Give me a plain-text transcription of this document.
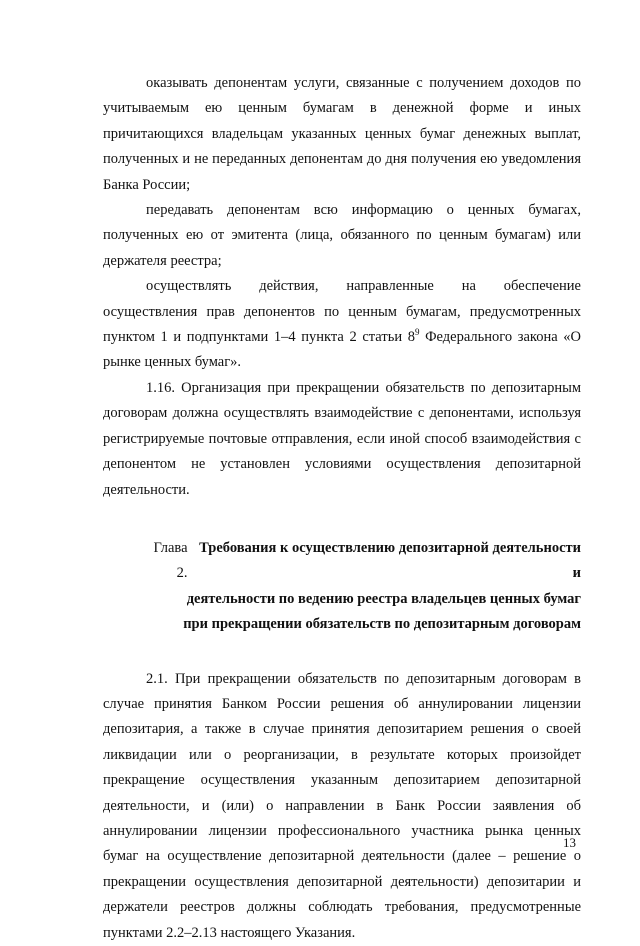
оказывать депонентам услуги, связанные с получением доходов по учитываемым ею ценным бумагам в денежной форме и иных причитающихся владельцам указанных ценных бумаг денежных выплат, полученных и не переданных депонентам до дня получения ею уведомления Банка России;

передавать депонентам всю информацию о ценных бумагах, полученных ею от эмитента (лица, обязанного по ценным бумагам) или держателя реестра;

осуществлять действия, направленные на обеспечение осуществления прав депонентов по ценным бумагам, предусмотренных пунктом 1 и подпунктами 1–4 пункта 2 статьи $8^9$ Федерального закона «О рынке ценных бумаг».

1.16. Организация при прекращении обязательств по депозитарным договорам должна осуществлять взаимодействие с депонентами, используя регистрируемые почтовые отправления, если иной способ взаимодействия с депонентом не установлен условиями осуществления депозитарной деятельности.

Глава 2.
Требования к осуществлению депозитарной деятельности и
деятельности по ведению реестра владельцев ценных бумаг
при прекращении обязательств по депозитарным договорам

2.1. При прекращении обязательств по депозитарным договорам в случае принятия Банком России решения об аннулировании лицензии депозитария, а также в случае принятия депозитарием решения о своей ликвидации или о реорганизации, в результате которых произойдет прекращение осуществления указанным депозитарием депозитарной деятельности, и (или) о направлении в Банк России заявления об аннулировании лицензии профессионального участника рынка ценных бумаг на осуществление депозитарной деятельности (далее – решение о прекращении осуществления депозитарной деятельности) депозитарии и держатели реестров должны соблюдать требования, предусмотренные пунктами 2.2–2.13 настоящего Указания.

13
